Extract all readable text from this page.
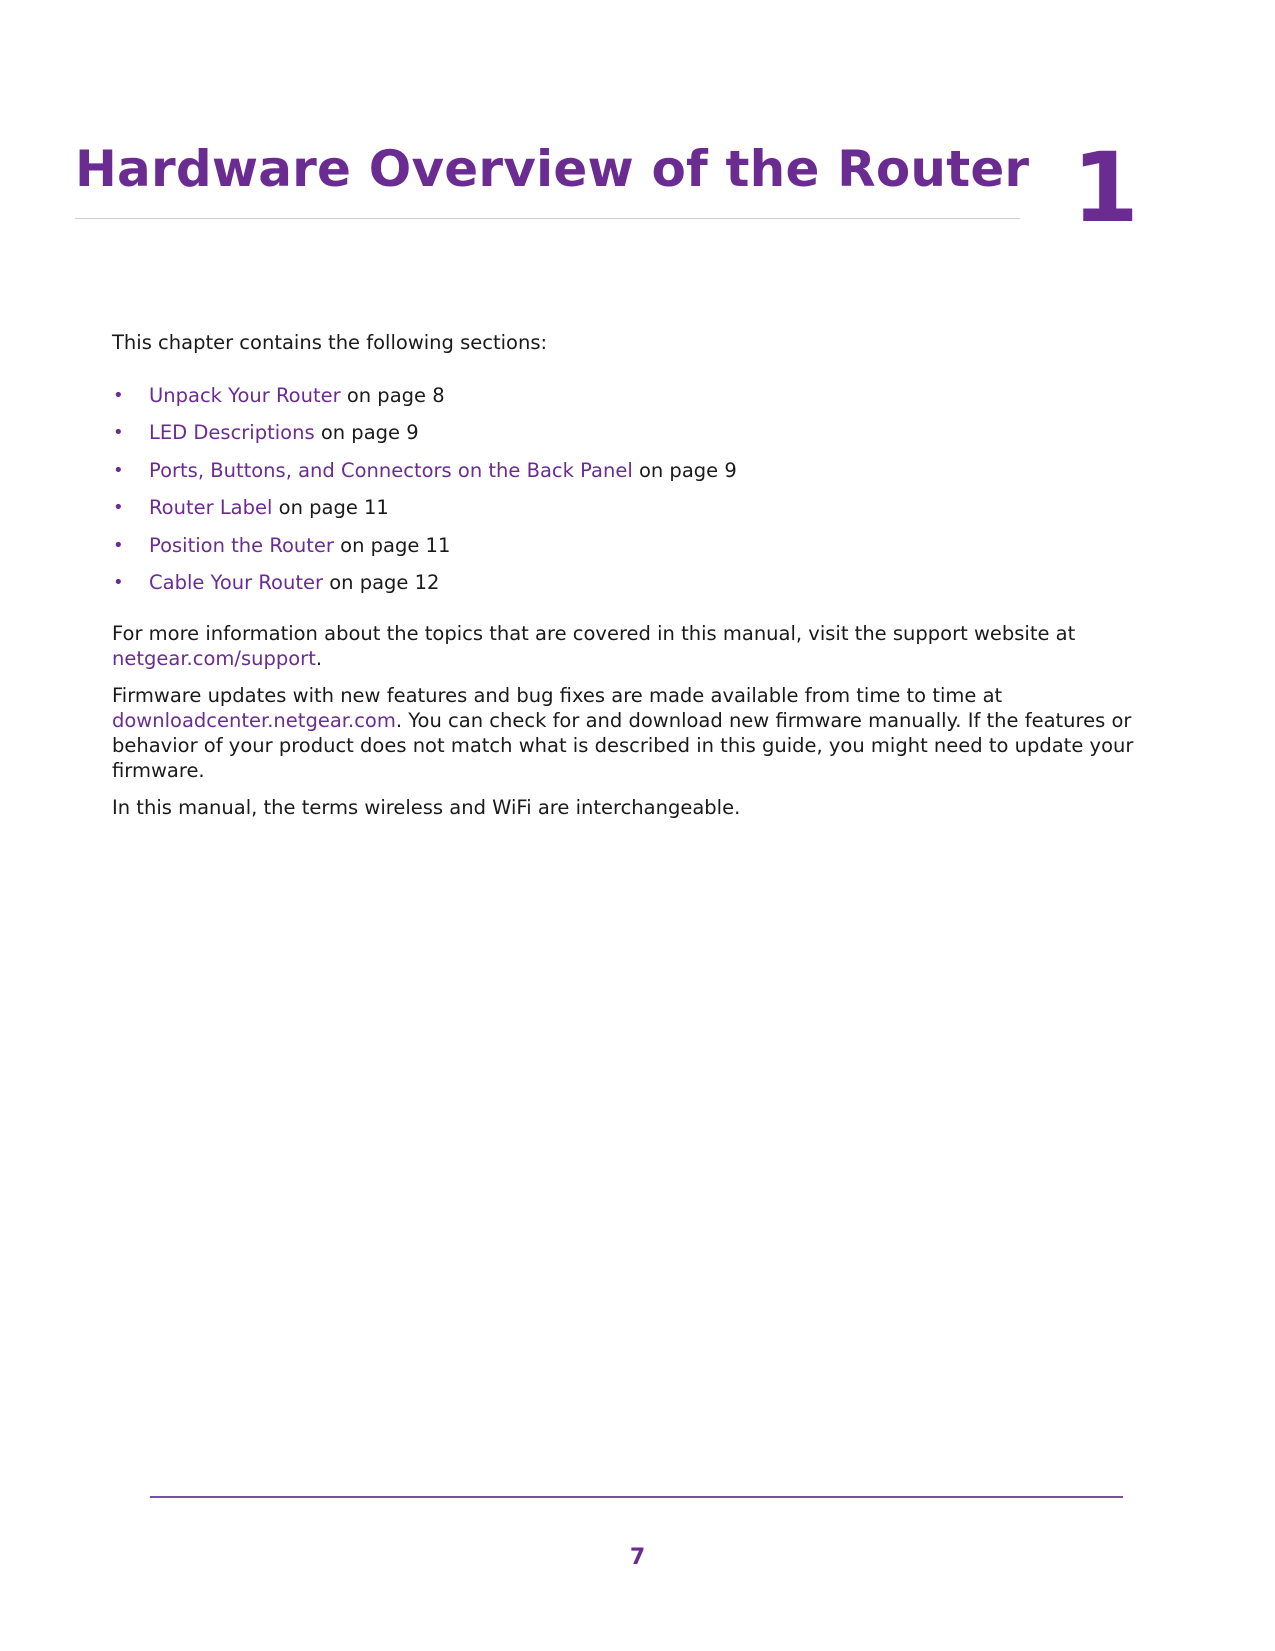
Hardware Overview of the Router 1

This chapter contains the following sections:

• Unpack Your Router on page 8
• LED Descriptions on page 9
• Ports, Buttons, and Connectors on the Back Panel on page 9
• Router Label on page 11
• Position the Router on page 11
• Cable Your Router on page 12

For more information about the topics that are covered in this manual, visit the support website at netgear.com/support.

Firmware updates with new features and bug fixes are made available from time to time at downloadcenter.netgear.com. You can check for and download new firmware manually. If the features or behavior of your product does not match what is described in this guide, you might need to update your firmware.

In this manual, the terms wireless and WiFi are interchangeable.

7
